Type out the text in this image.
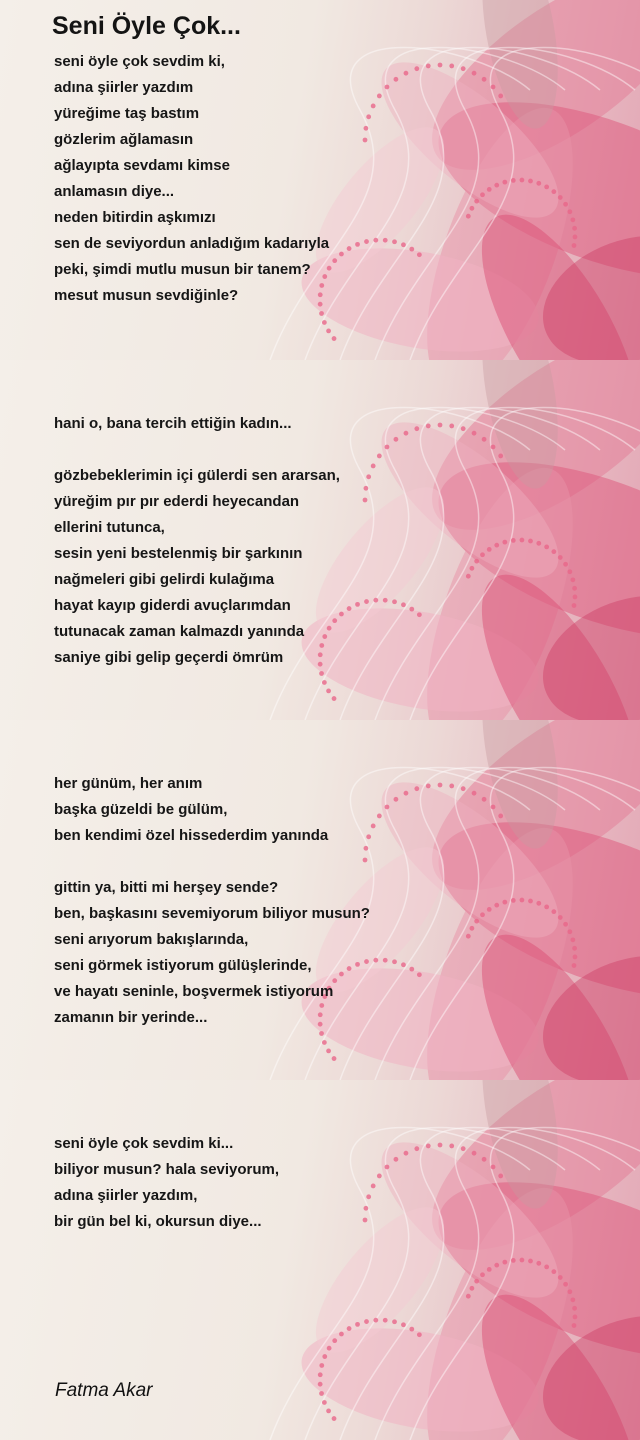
Seni Öyle Çok...

seni öyle çok sevdim ki,
adına şiirler yazdım
yüreğime taş bastım
gözlerim ağlamasın
ağlayıpta sevdamı kimse
anlamasın diye...
neden bitirdin aşkımızı
sen de seviyordun anladığım kadarıyla
peki, şimdi mutlu musun bir tanem?
mesut musun sevdiğinle?

hani o, bana tercih ettiğin kadın...

gözbebeklerimin içi gülerdi sen ararsan,
yüreğim pır pır ederdi heyecandan
ellerini tutunca,
sesin yeni bestelenmiş bir şarkının
nağmeleri gibi gelirdi kulağıma
hayat kayıp giderdi avuçlarımdan
tutunacak zaman kalmazdı yanında
saniye gibi gelip geçerdi ömrüm

her günüm, her anım
başka güzeldi be gülüm,
ben kendimi özel hissederdim yanında

gittin ya, bitti mi herşey sende?
ben, başkasını sevemiyorum biliyor musun?
seni arıyorum bakışlarında,
seni görmek istiyorum gülüşlerinde,
ve hayatı seninle, boşvermek istiyorum
zamanın bir yerinde...

seni öyle çok sevdim ki...
biliyor musun? hala seviyorum,
adına şiirler yazdım,
bir gün bel ki, okursun diye...

Fatma Akar
